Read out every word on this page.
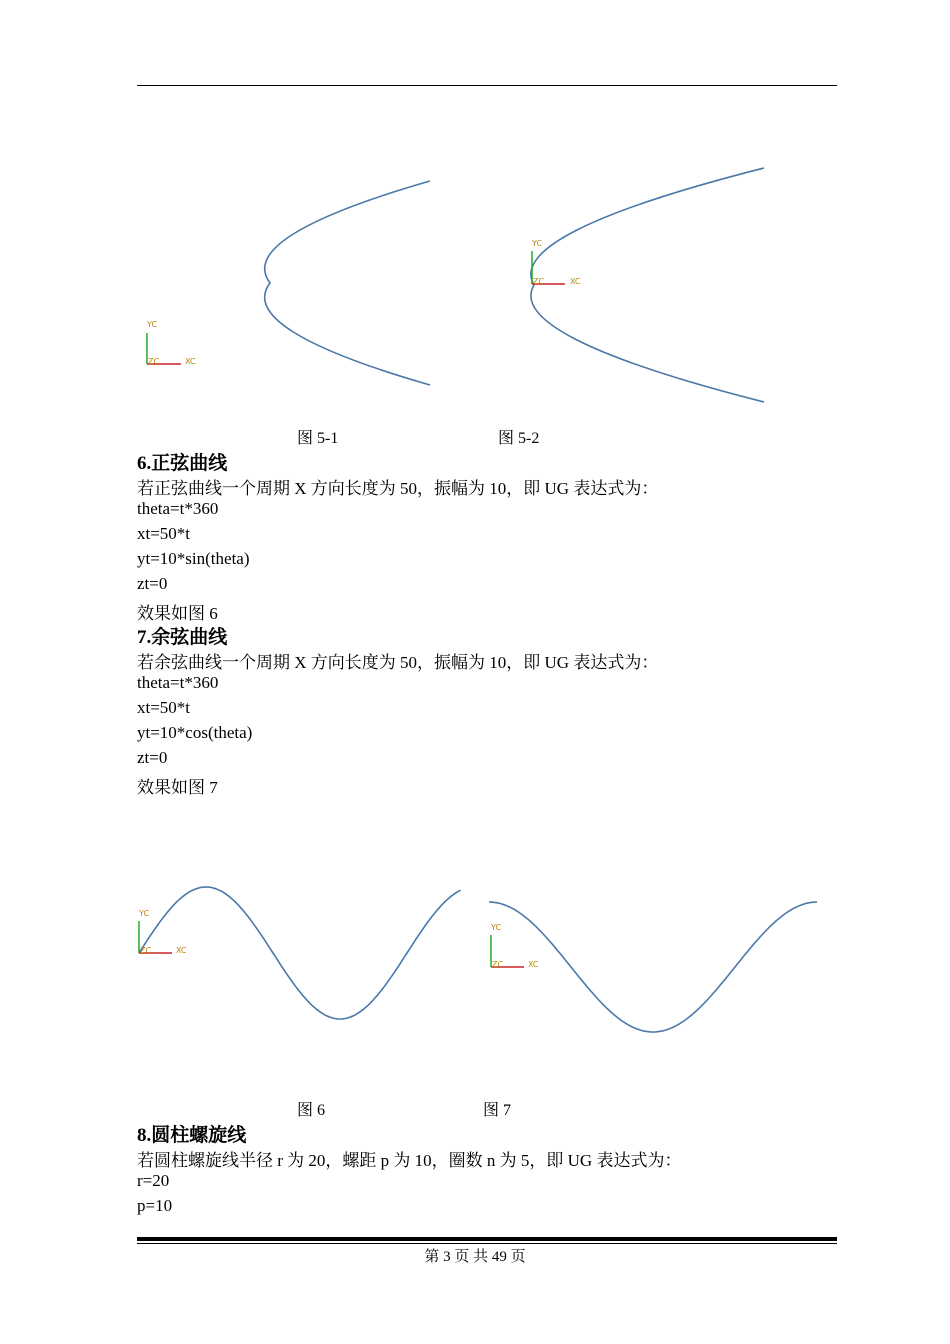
YC
ZC	XC
图 5-1
YC
ZC	XC
图 5-2
6.正弦曲线
若正弦曲线一个周期 X 方向长度为 50，振幅为 10，即 UG 表达式为：
theta=t*360
xt=50*t
yt=10*sin(theta)
zt=0
效果如图 6
7.余弦曲线
若余弦曲线一个周期 X 方向长度为 50，振幅为 10，即 UG 表达式为：
theta=t*360
xt=50*t
yt=10*cos(theta)
zt=0
效果如图 7
YC
ZC	XC
图 6
YC
ZC	XC
图 7
8.圆柱螺旋线
若圆柱螺旋线半径 r 为 20，螺距 p 为 10，圈数 n 为 5，即 UG 表达式为：
r=20
p=10
第 3 页 共 49 页
